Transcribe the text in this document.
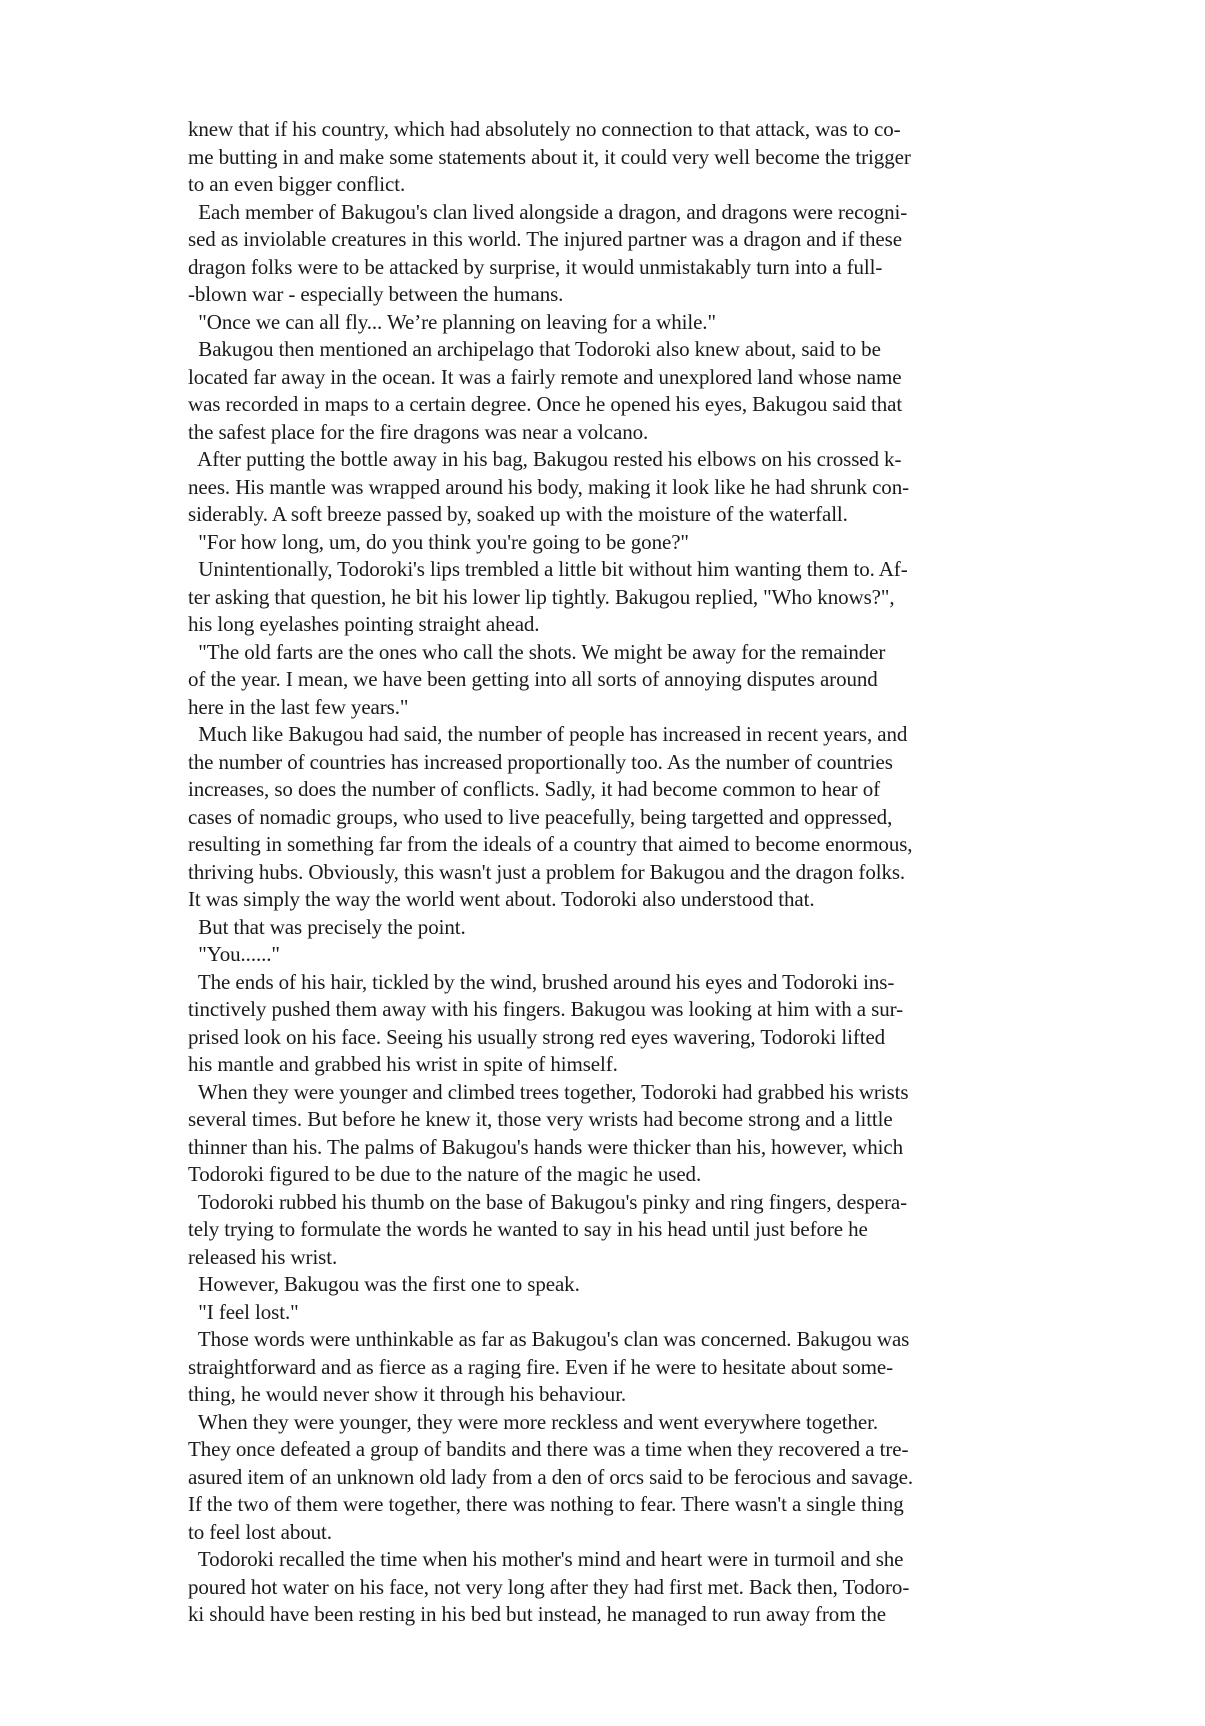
knew that if his country, which had absolutely no connection to that attack, was to co-
me butting in and make some statements about it, it could very well become the trigger
to an even bigger conflict.
Each member of Bakugou's clan lived alongside a dragon, and dragons were recogni-
sed as inviolable creatures in this world. The injured partner was a dragon and if these
dragon folks were to be attacked by surprise, it would unmistakably turn into a full-
-blown war - especially between the humans.
"Once we can all fly... We’re planning on leaving for a while."
Bakugou then mentioned an archipelago that Todoroki also knew about, said to be
located far away in the ocean. It was a fairly remote and unexplored land whose name
was recorded in maps to a certain degree. Once he opened his eyes, Bakugou said that
the safest place for the fire dragons was near a volcano.
After putting the bottle away in his bag, Bakugou rested his elbows on his crossed k-
nees. His mantle was wrapped around his body, making it look like he had shrunk con-
siderably. A soft breeze passed by, soaked up with the moisture of the waterfall.
"For how long, um, do you think you're going to be gone?"
Unintentionally, Todoroki's lips trembled a little bit without him wanting them to. Af-
ter asking that question, he bit his lower lip tightly. Bakugou replied, "Who knows?",
his long eyelashes pointing straight ahead.
"The old farts are the ones who call the shots. We might be away for the remainder
of the year. I mean, we have been getting into all sorts of annoying disputes around
here in the last few years."
Much like Bakugou had said, the number of people has increased in recent years, and
the number of countries has increased proportionally too. As the number of countries
increases, so does the number of conflicts. Sadly, it had become common to hear of
cases of nomadic groups, who used to live peacefully, being targetted and oppressed,
resulting in something far from the ideals of a country that aimed to become enormous,
thriving hubs. Obviously, this wasn't just a problem for Bakugou and the dragon folks.
It was simply the way the world went about. Todoroki also understood that.
But that was precisely the point.
"You......"
The ends of his hair, tickled by the wind, brushed around his eyes and Todoroki ins-
tinctively pushed them away with his fingers. Bakugou was looking at him with a sur-
prised look on his face. Seeing his usually strong red eyes wavering, Todoroki lifted
his mantle and grabbed his wrist in spite of himself.
When they were younger and climbed trees together, Todoroki had grabbed his wrists
several times. But before he knew it, those very wrists had become strong and a little
thinner than his. The palms of Bakugou's hands were thicker than his, however, which
Todoroki figured to be due to the nature of the magic he used.
Todoroki rubbed his thumb on the base of Bakugou's pinky and ring fingers, despera-
tely trying to formulate the words he wanted to say in his head until just before he
released his wrist.
However, Bakugou was the first one to speak.
"I feel lost."
Those words were unthinkable as far as Bakugou's clan was concerned. Bakugou was
straightforward and as fierce as a raging fire. Even if he were to hesitate about some-
thing, he would never show it through his behaviour.
When they were younger, they were more reckless and went everywhere together.
They once defeated a group of bandits and there was a time when they recovered a tre-
asured item of an unknown old lady from a den of orcs said to be ferocious and savage.
If the two of them were together, there was nothing to fear. There wasn't a single thing
to feel lost about.
Todoroki recalled the time when his mother's mind and heart were in turmoil and she
poured hot water on his face, not very long after they had first met. Back then, Todoro-
ki should have been resting in his bed but instead, he managed to run away from the
